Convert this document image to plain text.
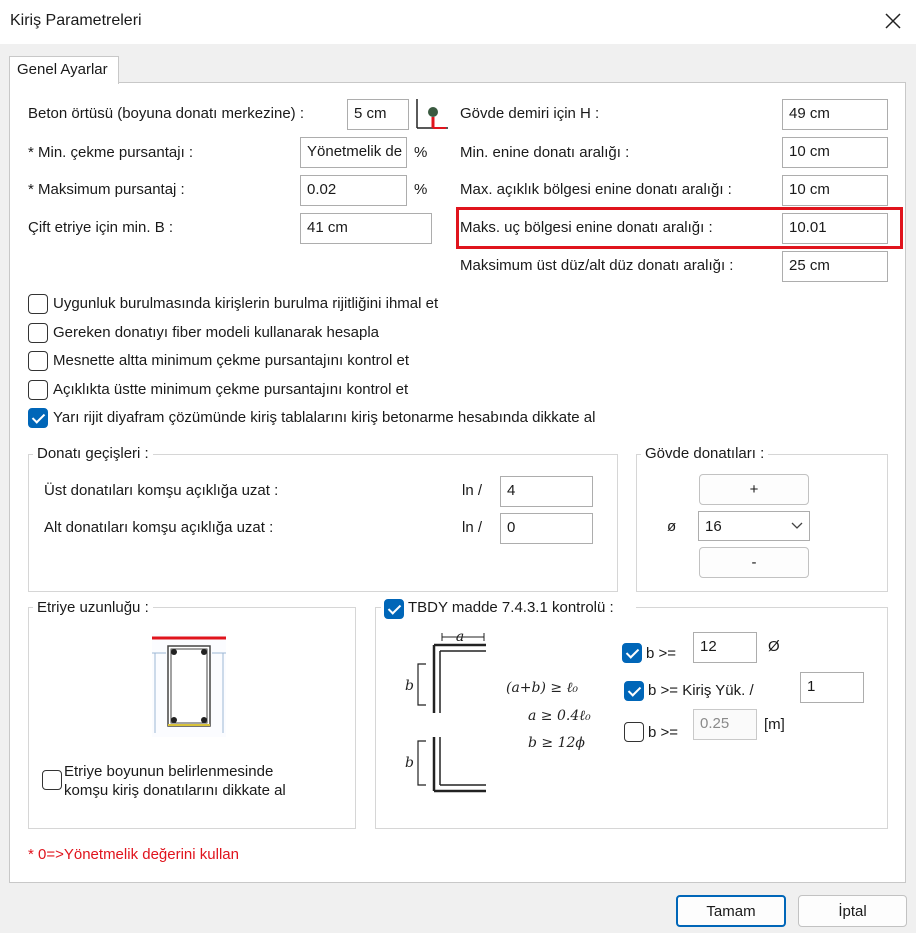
Kiriş Parametreleri
Genel Ayarlar
Beton örtüsü (boyuna donatı merkezine) :	5 cm
* Min. çekme pursantajı :	Yönetmelik de %
* Maksimum pursantaj :	0.02	%
Çift etriye için min. B :	41 cm
Gövde demiri için H :	49 cm
Min. enine donatı aralığı :	10 cm
Max. açıklık bölgesi enine donatı aralığı :	10 cm
Maks. uç bölgesi enine donatı aralığı :	10.01
Maksimum üst düz/alt düz donatı aralığı :	25 cm
Uygunluk burulmasında kirişlerin burulma rijitliğini ihmal et
Gereken donatıyı fiber modeli kullanarak hesapla
Mesnette altta minimum çekme pursantajını kontrol et
Açıklıkta üstte minimum çekme pursantajını kontrol et
Yarı rijit diyafram çözümünde kiriş tablalarını kiriş betonarme hesabında dikkate al
Donatı geçişleri :
Üst donatıları komşu açıklığa uzat :	ln /	4
Alt donatıları komşu açıklığa uzat :	ln /	0
Gövde donatıları :
+
ø 16
-
Etriye uzunluğu :
Etriye boyunun belirlenmesinde
komşu kiriş donatılarını dikkate al
TBDY madde 7.4.3.1 kontrolü :
a
b
b
(a+b) ≥ ℓ₀
a ≥ 0.4ℓ₀
b ≥ 12ϕ
b >=	12	Ø
b >= Kiriş Yük. /	1
b >=
0.25	[m]
* 0=>Yönetmelik değerini kullan
Tamam	İptal
